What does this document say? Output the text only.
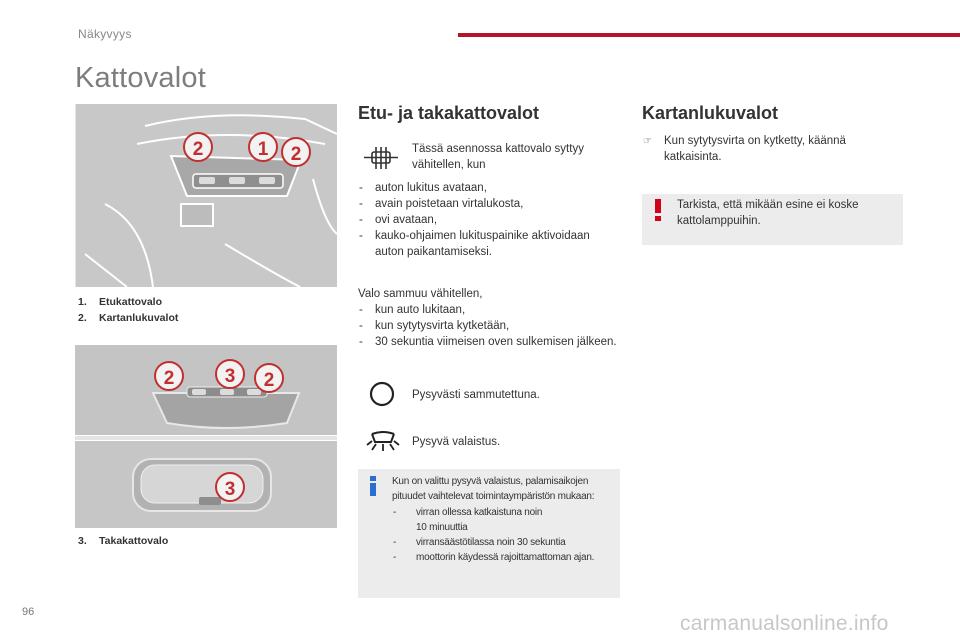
Näkyvyys
Kattovalot
2	1 2
1. Etukattovalo
2. Kartanlukuvalot
2	3 2
3
3. Takakattovalo
Etu- ja takakattovalot

Tässä asennossa kattovalo syttyy vähitellen, kun

- auton lukitus avataan,
- avain poistetaan virtalukosta,
- ovi avataan,
- kauko-ohjaimen lukituspainike aktivoidaan auton paikantamiseksi.

Valo sammuu vähitellen,

- kun auto lukitaan,
- kun sytytysvirta kytketään,
- 30 sekuntia viimeisen oven sulkemisen jälkeen.

Pysyvästi sammutettuna.

Pysyvä valaistus.

Kun on valittu pysyvä valaistus, palamisaikojen pituudet vaihtelevat toimintaympäristön mukaan:

- virran ollessa katkaistuna noin 10 minuuttia
- virransäästötilassa noin 30 sekuntia
- moottorin käydessä rajoittamattoman ajan.
Kartanlukuvalot
☞ Kun sytytysvirta on kytketty, käännä katkaisinta.

Tarkista, että mikään esine ei koske kattolamppuihin.

96	carmanualsonline.info
